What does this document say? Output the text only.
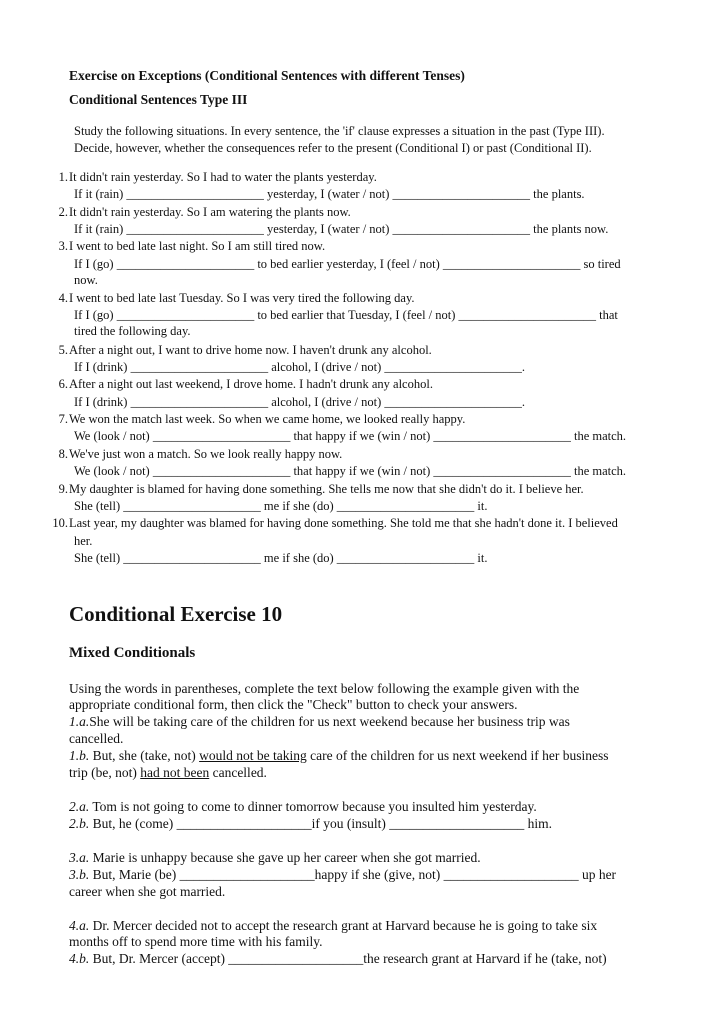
Exercise on Exceptions (Conditional Sentences with different Tenses)
Conditional Sentences Type III
Study the following situations. In every sentence, the 'if' clause expresses a situation in the past (Type III).
Decide, however, whether the consequences refer to the present (Conditional I) or past (Conditional II).
1. It didn't rain yesterday. So I had to water the plants yesterday.
If it (rain) ______________________ yesterday, I (water / not) ______________________ the plants.
2. It didn't rain yesterday. So I am watering the plants now.
If it (rain) ______________________ yesterday, I (water / not) ______________________ the plants now.
3. I went to bed late last night. So I am still tired now.
If I (go) ______________________ to bed earlier yesterday, I (feel / not) ______________________ so tired
now.
4. I went to bed late last Tuesday. So I was very tired the following day.
If I (go) ______________________ to bed earlier that Tuesday, I (feel / not) ______________________ that
tired the following day.
5. After a night out, I want to drive home now. I haven't drunk any alcohol.
If I (drink) ______________________ alcohol, I (drive / not) ______________________.
6. After a night out last weekend, I drove home. I hadn't drunk any alcohol.
If I (drink) ______________________ alcohol, I (drive / not) ______________________.
7. We won the match last week. So when we came home, we looked really happy.
We (look / not) ______________________ that happy if we (win / not) ______________________ the match.
8. We've just won a match. So we look really happy now.
We (look / not) ______________________ that happy if we (win / not) ______________________ the match.
9. My daughter is blamed for having done something. She tells me now that she didn't do it. I believe her.
She (tell) ______________________ me if she (do) ______________________ it.
10. Last year, my daughter was blamed for having done something. She told me that she hadn't done it. I believed
her.
She (tell) ______________________ me if she (do) ______________________ it.
Conditional Exercise 10
Mixed Conditionals
Using the words in parentheses, complete the text below following the example given with the
appropriate conditional form, then click the "Check" button to check your answers.
1.a.She will be taking care of the children for us next weekend because her business trip was
cancelled.
1.b. But, she (take, not) would not be taking care of the children for us next weekend if her business
trip (be, not) had not been cancelled.
2.a. Tom is not going to come to dinner tomorrow because you insulted him yesterday.
2.b. But, he (come) ____________________if you (insult) ____________________ him.
3.a. Marie is unhappy because she gave up her career when she got married.
3.b. But, Marie (be) ____________________happy if she (give, not) ____________________ up her
career when she got married.
4.a. Dr. Mercer decided not to accept the research grant at Harvard because he is going to take six
months off to spend more time with his family.
4.b. But, Dr. Mercer (accept) ____________________the research grant at Harvard if he (take, not)
